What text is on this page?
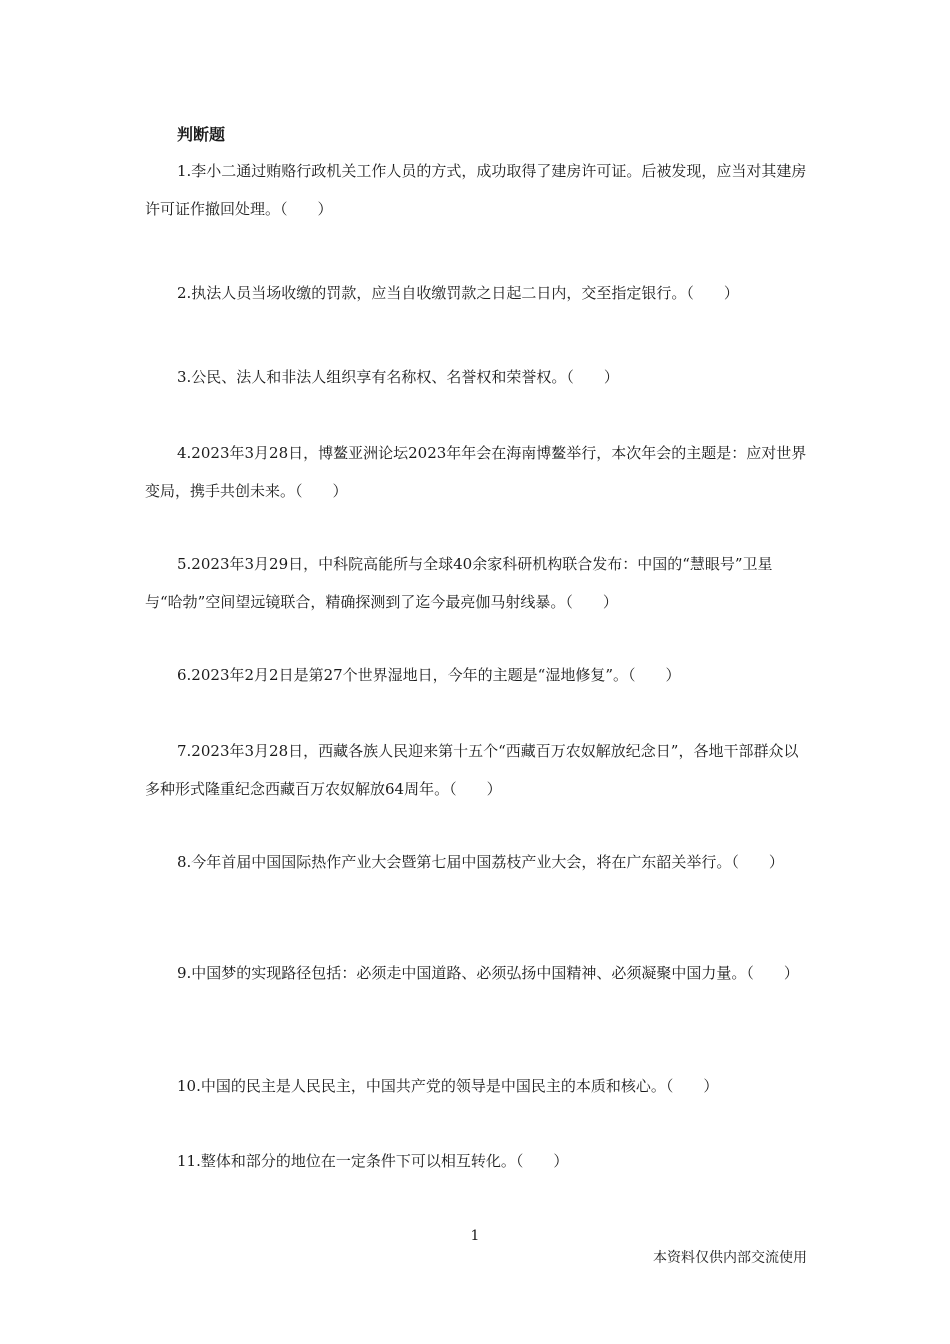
判断题

1.李小二通过贿赂行政机关工作人员的方式，成功取得了建房许可证。后被发现，应当对其建房许可证作撤回处理。（　　）

2.执法人员当场收缴的罚款，应当自收缴罚款之日起二日内，交至指定银行。（　　）

3.公民、法人和非法人组织享有名称权、名誉权和荣誉权。（　　）

4.2023年3月28日，博鳌亚洲论坛2023年年会在海南博鳌举行，本次年会的主题是：应对世界变局，携手共创未来。（　　）

5.2023年3月29日，中科院高能所与全球40余家科研机构联合发布：中国的“慧眼号”卫星与“哈勃”空间望远镜联合，精确探测到了迄今最亮伽马射线暴。（　　）

6.2023年2月2日是第27个世界湿地日，今年的主题是“湿地修复”。（　　）

7.2023年3月28日，西藏各族人民迎来第十五个“西藏百万农奴解放纪念日”，各地干部群众以多种形式隆重纪念西藏百万农奴解放64周年。（　　）

8.今年首届中国国际热作产业大会暨第七届中国荔枝产业大会，将在广东韶关举行。（　　）

9.中国梦的实现路径包括：必须走中国道路、必须弘扬中国精神、必须凝聚中国力量。（　　）

10.中国的民主是人民民主，中国共产党的领导是中国民主的本质和核心。（　　）

11.整体和部分的地位在一定条件下可以相互转化。（　　）

1
本资料仅供内部交流使用
